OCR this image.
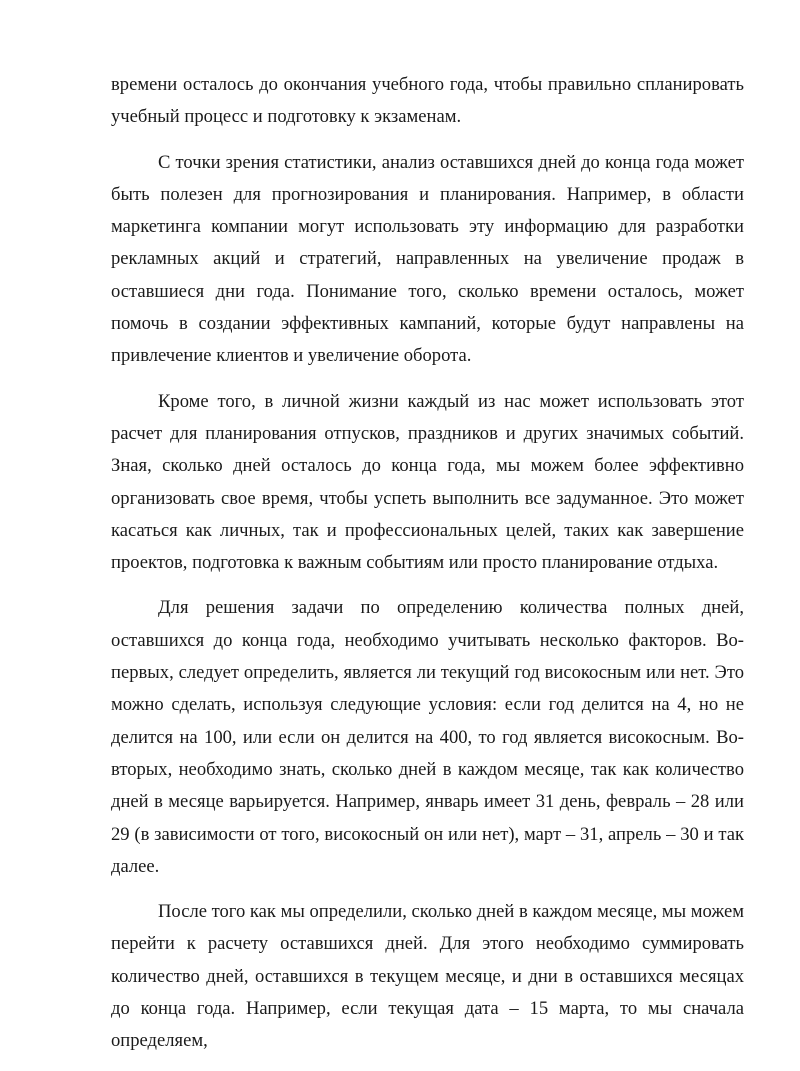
времени осталось до окончания учебного года, чтобы правильно спланировать учебный процесс и подготовку к экзаменам.

С точки зрения статистики, анализ оставшихся дней до конца года может быть полезен для прогнозирования и планирования. Например, в области маркетинга компании могут использовать эту информацию для разработки рекламных акций и стратегий, направленных на увеличение продаж в оставшиеся дни года. Понимание того, сколько времени осталось, может помочь в создании эффективных кампаний, которые будут направлены на привлечение клиентов и увеличение оборота.

Кроме того, в личной жизни каждый из нас может использовать этот расчет для планирования отпусков, праздников и других значимых событий. Зная, сколько дней осталось до конца года, мы можем более эффективно организовать свое время, чтобы успеть выполнить все задуманное. Это может касаться как личных, так и профессиональных целей, таких как завершение проектов, подготовка к важным событиям или просто планирование отдыха.

Для решения задачи по определению количества полных дней, оставшихся до конца года, необходимо учитывать несколько факторов. Во-первых, следует определить, является ли текущий год високосным или нет. Это можно сделать, используя следующие условия: если год делится на 4, но не делится на 100, или если он делится на 400, то год является високосным. Во-вторых, необходимо знать, сколько дней в каждом месяце, так как количество дней в месяце варьируется. Например, январь имеет 31 день, февраль – 28 или 29 (в зависимости от того, високосный он или нет), март – 31, апрель – 30 и так далее.

После того как мы определили, сколько дней в каждом месяце, мы можем перейти к расчету оставшихся дней. Для этого необходимо суммировать количество дней, оставшихся в текущем месяце, и дни в оставшихся месяцах до конца года. Например, если текущая дата – 15 марта, то мы сначала определяем,
